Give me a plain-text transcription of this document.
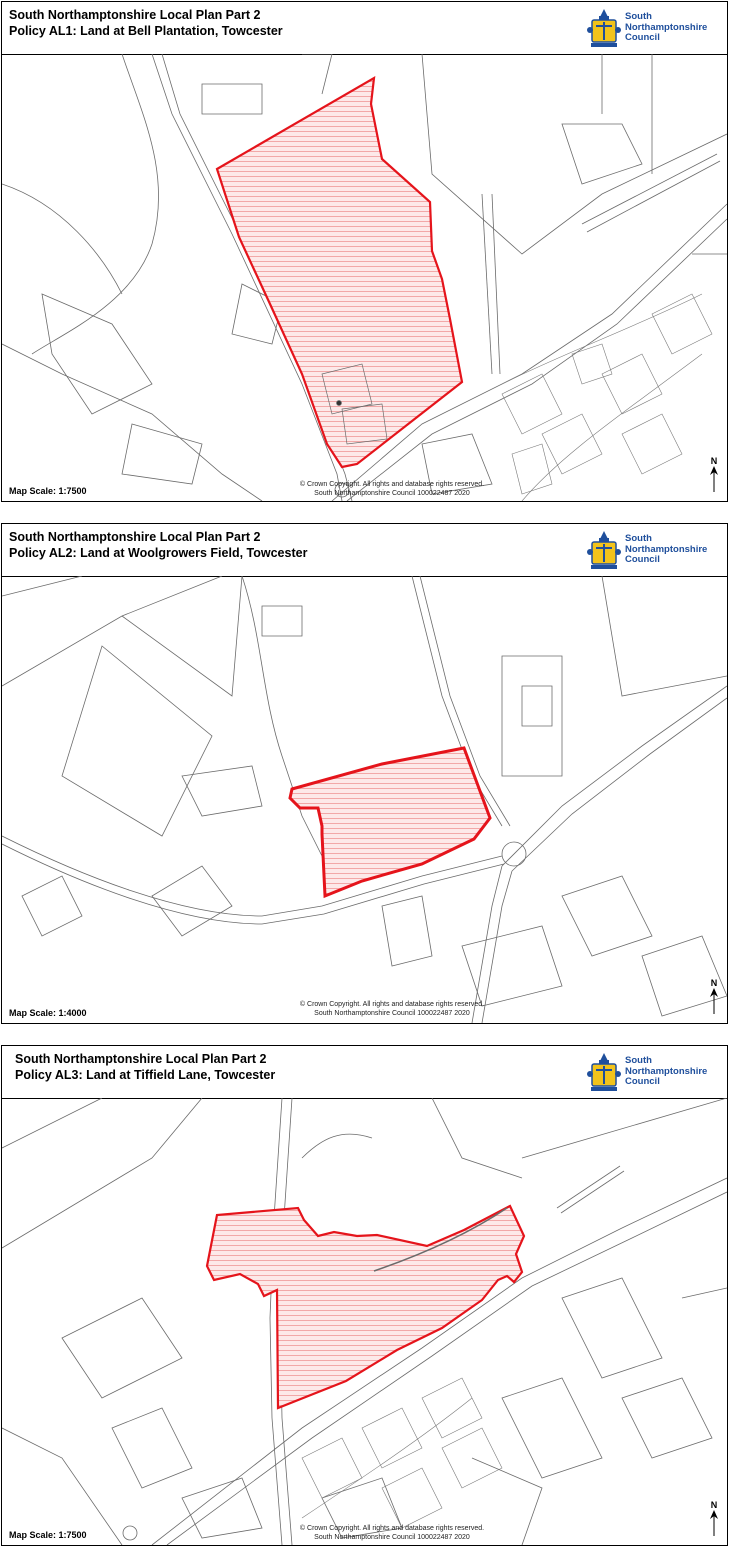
South Northamptonshire Local Plan Part 2
Policy AL1: Land at Bell Plantation, Towcester
South
Northamptonshire
Council
Map Scale: 1:7500
© Crown Copyright. All rights and database rights reserved.
South Northamptonshire Council 100022487 2020
N
South Northamptonshire Local Plan Part 2
Policy AL2: Land at Woolgrowers Field, Towcester
South
Northamptonshire
Council
Map Scale: 1:4000
© Crown Copyright. All rights and database rights reserved.
South Northamptonshire Council 100022487 2020
N
South Northamptonshire Local Plan Part 2
Policy AL3: Land at Tiffield Lane, Towcester
South
Northamptonshire
Council
Map Scale: 1:7500
© Crown Copyright. All rights and database rights reserved.
South Northamptonshire Council 100022487 2020
N
